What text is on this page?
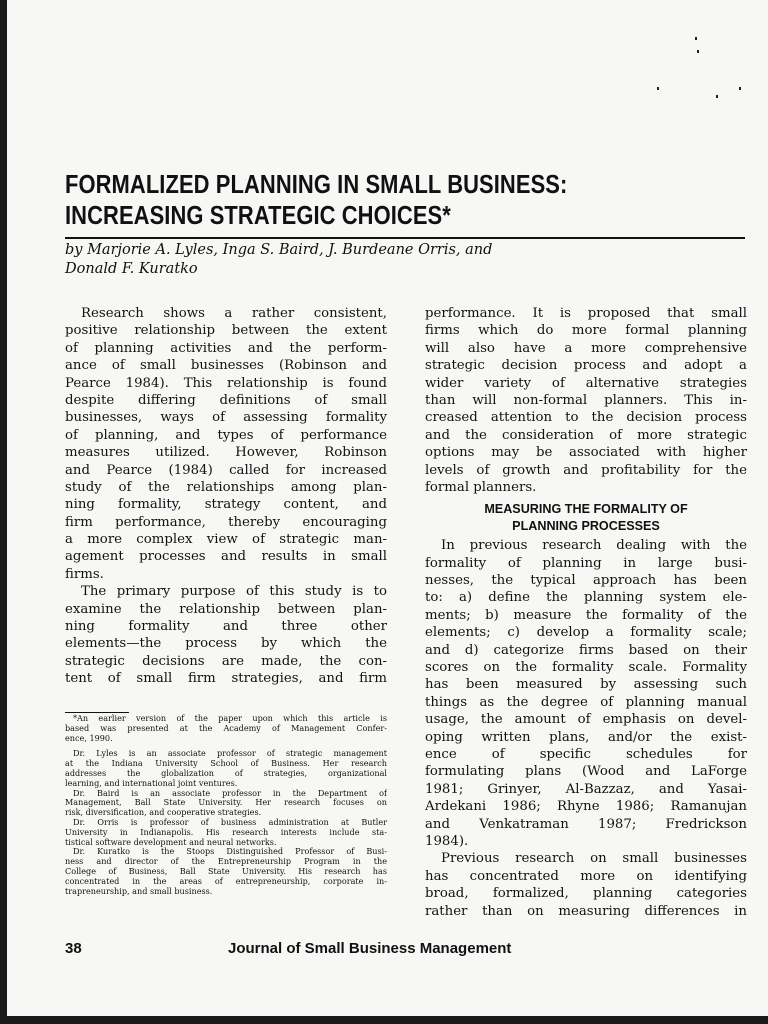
FORMALIZED PLANNING IN SMALL BUSINESS:
INCREASING STRATEGIC CHOICES*
by Marjorie A. Lyles, Inga S. Baird, J. Burdeane Orris, and
Donald F. Kuratko
Research shows a rather consistent,
positive relationship between the extent
of planning activities and the perform-
ance of small businesses (Robinson and
Pearce 1984). This relationship is found
despite differing definitions of small
businesses, ways of assessing formality
of planning, and types of performance
measures utilized. However, Robinson
and Pearce (1984) called for increased
study of the relationships among plan-
ning formality, strategy content, and
firm performance, thereby encouraging
a more complex view of strategic man-
agement processes and results in small
firms.
The primary purpose of this study is to
examine the relationship between plan-
ning formality and three other
elements—the process by which the
strategic decisions are made, the con-
tent of small firm strategies, and firm
performance. It is proposed that small
firms which do more formal planning
will also have a more comprehensive
strategic decision process and adopt a
wider variety of alternative strategies
than will non-formal planners. This in-
creased attention to the decision process
and the consideration of more strategic
options may be associated with higher
levels of growth and profitability for the
formal planners.
MEASURING THE FORMALITY OF
PLANNING PROCESSES
In previous research dealing with the
formality of planning in large busi-
nesses, the typical approach has been
to: a) define the planning system ele-
ments; b) measure the formality of the
elements; c) develop a formality scale;
and d) categorize firms based on their
scores on the formality scale. Formality
has been measured by assessing such
things as the degree of planning manual
usage, the amount of emphasis on devel-
oping written plans, and/or the exist-
ence of specific schedules for
formulating plans (Wood and LaForge
1981; Grinyer, Al-Bazzaz, and Yasai-
Ardekani 1986; Rhyne 1986; Ramanujan
and Venkatraman 1987; Fredrickson
1984).
Previous research on small businesses
has concentrated more on identifying
broad, formalized, planning categories
rather than on measuring differences in
*An earlier version of the paper upon which this article is
based was presented at the Academy of Management Confer-
ence, 1990.
Dr. Lyles is an associate professor of strategic management
at the Indiana University School of Business. Her research
addresses the globalization of strategies, organizational
learning, and international joint ventures.
Dr. Baird is an associate professor in the Department of
Management, Ball State University. Her research focuses on
risk, diversification, and cooperative strategies.
Dr. Orris is professor of business administration at Butler
University in Indianapolis. His research interests include sta-
tistical software development and neural networks.
Dr. Kuratko is the Stoops Distinguished Professor of Busi-
ness and director of the Entrepreneurship Program in the
College of Business, Ball State University. His research has
concentrated in the areas of entrepreneurship, corporate in-
trapreneurship, and small business.
38	Journal of Small Business Management
